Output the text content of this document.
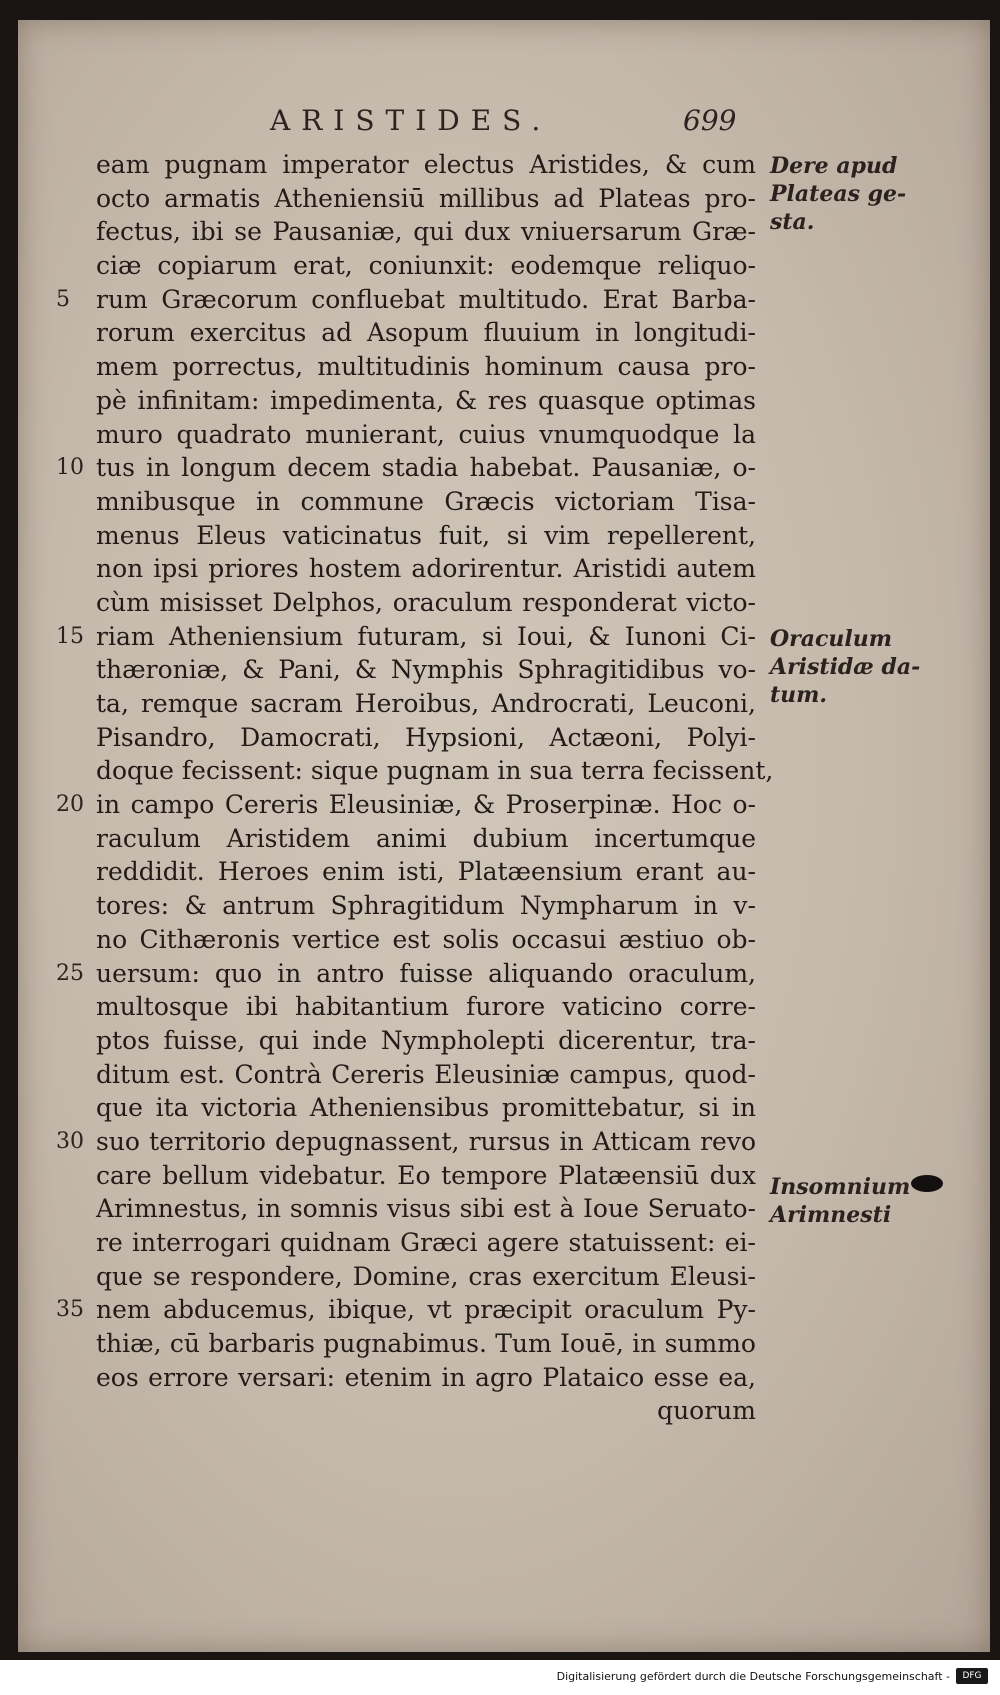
ARISTIDES.	699
eam pugnam imperator electus Aristides, & cum
octo armatis Atheniensiū millibus ad Plateas pro-
fectus, ibi se Pausaniæ, qui dux vniuersarum Græ-
ciæ copiarum erat, coniunxit: eodemque reliquo-
5	rum Græcorum confluebat multitudo. Erat Barba-
rorum exercitus ad Asopum fluuium in longitudi-
mem porrectus, multitudinis hominum causa pro-
pè infinitam: impedimenta, & res quasque optimas
muro quadrato munierant, cuius vnumquodque la
10 tus in longum decem stadia habebat. Pausaniæ, o-
mnibusque in commune Græcis victoriam Tisa-
menus Eleus vaticinatus fuit, si vim repellerent,
non ipsi priores hostem adorirentur. Aristidi autem
cùm misisset Delphos, oraculum responderat victo-
15 riam Atheniensium futuram, si Ioui, & Iunoni Ci-
thæroniæ, & Pani, & Nymphis Sphragitidibus vo-
ta, remque sacram Heroibus, Androcrati, Leuconi,
Pisandro, Damocrati, Hypsioni, Actæoni, Polyi-
doque fecissent: sique pugnam in sua terra fecissent,
20 in campo Cereris Eleusiniæ, & Proserpinæ. Hoc o-
raculum Aristidem animi dubium incertumque
reddidit. Heroes enim isti, Platæensium erant au-
tores: & antrum Sphragitidum Nympharum in v-
no Cithæronis vertice est solis occasui æstiuo ob-
25 uersum: quo in antro fuisse aliquando oraculum,
multosque ibi habitantium furore vaticino corre-
ptos fuisse, qui inde Nympholepti dicerentur, tra-
ditum est. Contrà Cereris Eleusiniæ campus, quod-
que ita victoria Atheniensibus promittebatur, si in
30 suo territorio depugnassent, rursus in Atticam revo
care bellum videbatur. Eo tempore Platæensiū dux
Arimnestus, in somnis visus sibi est à Ioue Seruato-
re interrogari quidnam Græci agere statuissent: ei-
que se respondere, Domine, cras exercitum Eleusi-
35 nem abducemus, ibique, vt præcipit oraculum Py-
thiæ, cū barbaris pugnabimus. Tum Iouē, in summo
eos errore versari: etenim in agro Plataico esse ea,
quorum
Dere apud
Plateas ge-
sta.
Oraculum
Aristidæ da-
tum.
Insomnium
Arimnesti
Digitalisierung gefördert durch die Deutsche Forschungsgemeinschaft -	DFG
